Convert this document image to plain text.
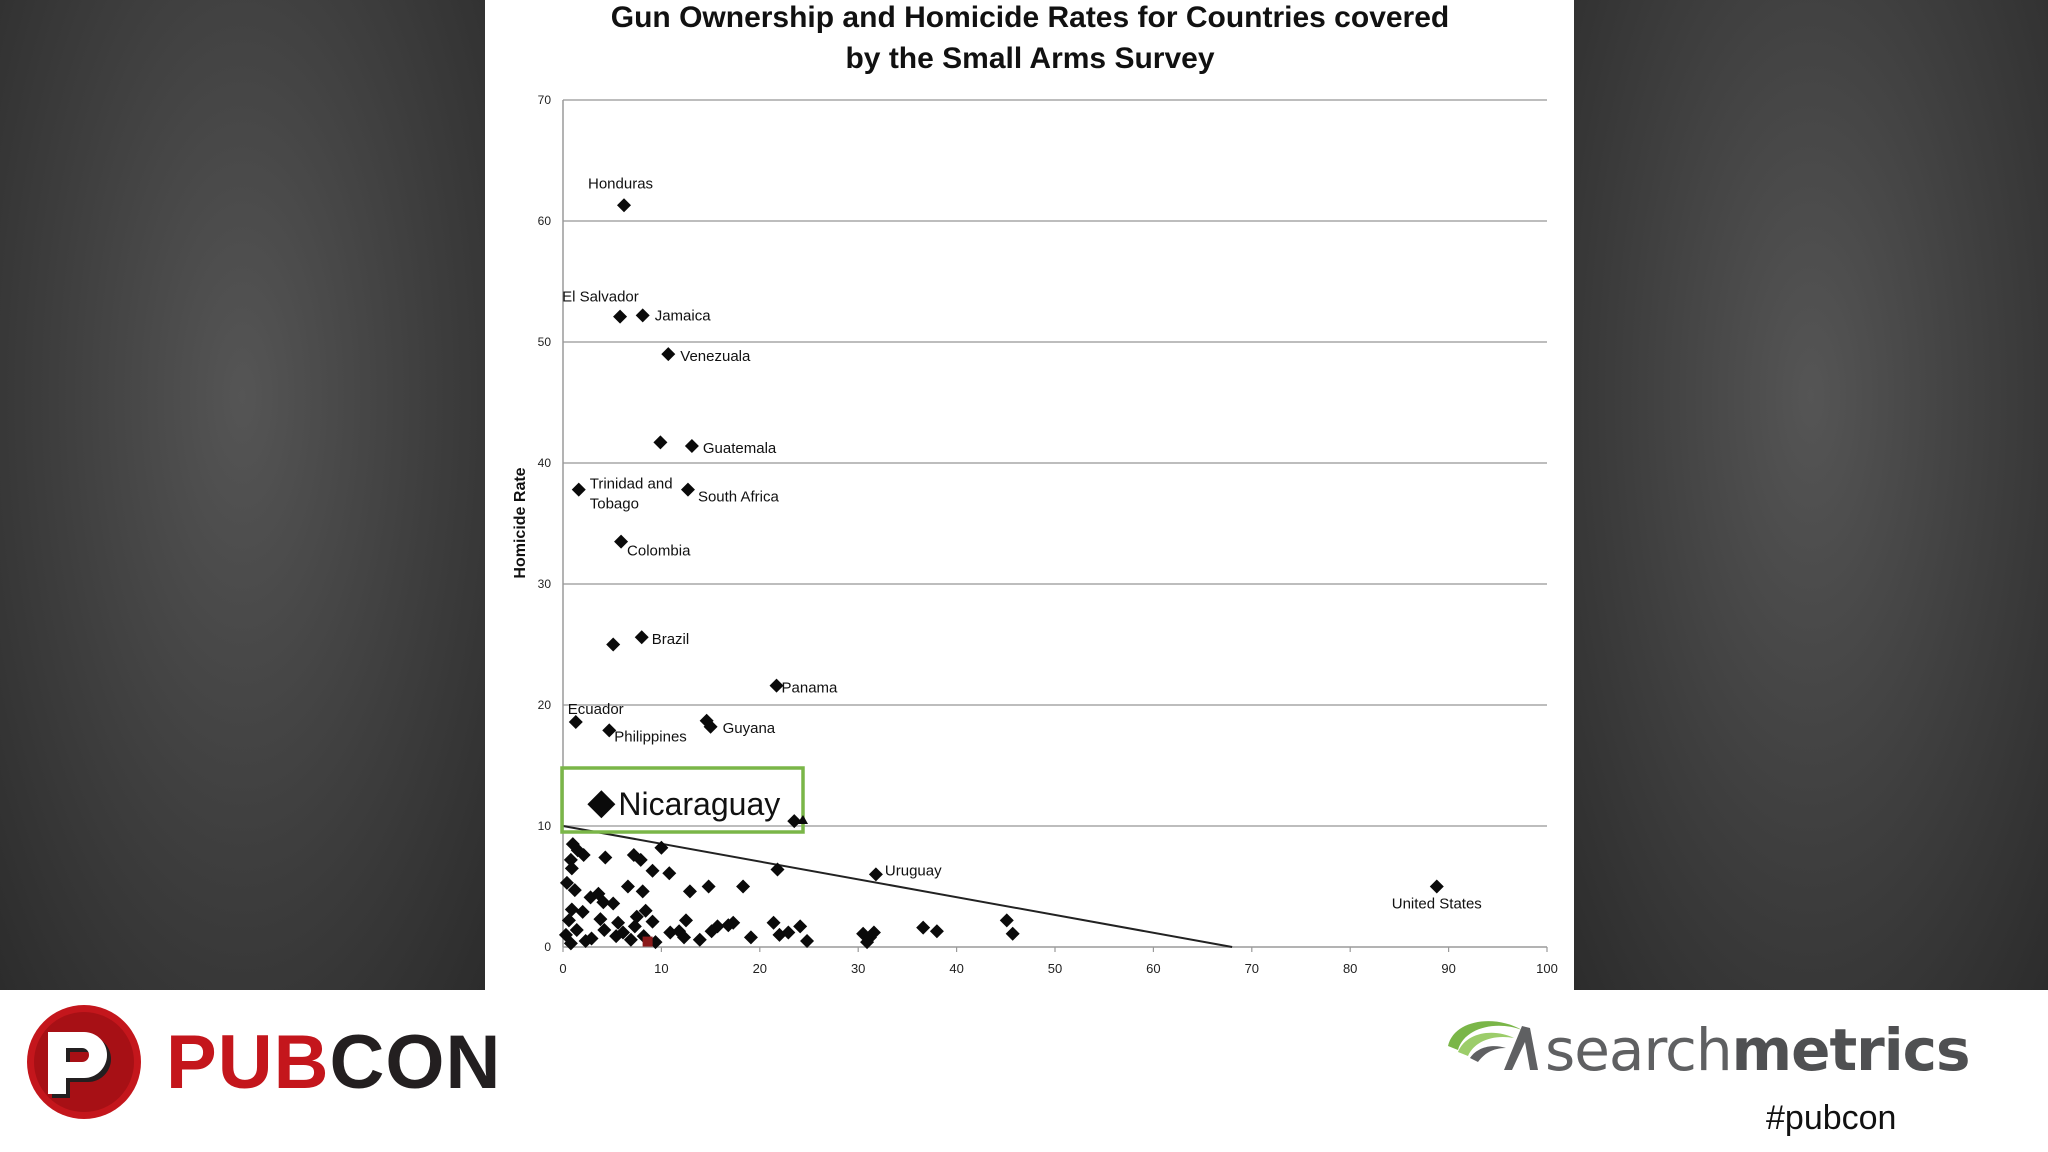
Gun Ownership and Homicide Rates for Countries covered
by the Small Arms Survey
0
10
20
30
40
50
60
70
0	10	20	30	40	50	60	70	80	90	100
Honduras
El Salvador
Jamaica
Venezuala
Guatemala
Trinidad and Tobago	South Africa
Colombia
Brazil
Panama
Ecuador
Philippines
Guyana
Nicaraguay
Uruguay
United States
Homicide Rate
PUBCON	searchmetrics
#pubcon
